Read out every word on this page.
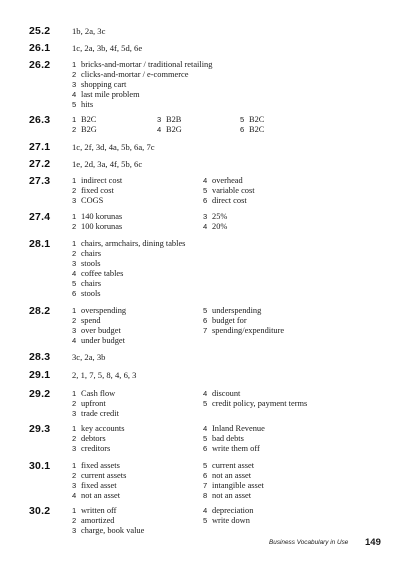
25.2	1b, 2a, 3c
26.1	1c, 2a, 3b, 4f, 5d, 6e
26.2	1 bricks-and-mortar / traditional retailing
2 clicks-and-mortar / e-commerce
3 shopping cart
4 last mile problem
5 hits
26.3	1 B2C	3 B2B	5 B2C
2 B2G	4 B2G	6 B2C
27.1	1c, 2f, 3d, 4a, 5b, 6a, 7c
27.2	1e, 2d, 3a, 4f, 5b, 6c
27.3	1 indirect cost
2 fixed cost
3 COGS
4 overhead
5 variable cost
6 direct cost
27.4	1 140 korunas
2 100 korunas
3 25%
4 20%
28.1	1 chairs, armchairs, dining tables
2 chairs
3 stools
4 coffee tables
5 chairs
6 stools
28.2	1 overspending
2 spend
3 over budget
4 under budget
5 underspending
6 budget for
7 spending/expenditure
28.3	3c, 2a, 3b
29.1	2, 1, 7, 5, 8, 4, 6, 3
29.2	1 Cash flow
2 upfront
3 trade credit
4 discount
5 credit policy, payment terms
29.3	1 key accounts
2 debtors
3 creditors
4 Inland Revenue
5 bad debts
6 write them off
30.1	1 fixed assets
2 current assets
3 fixed asset
4 not an asset
5 current asset
6 not an asset
7 intangible asset
8 not an asset
30.2	1 written off
2 amortized
3 charge, book value
4 depreciation
5 write down
Business Vocabulary in Use 149
